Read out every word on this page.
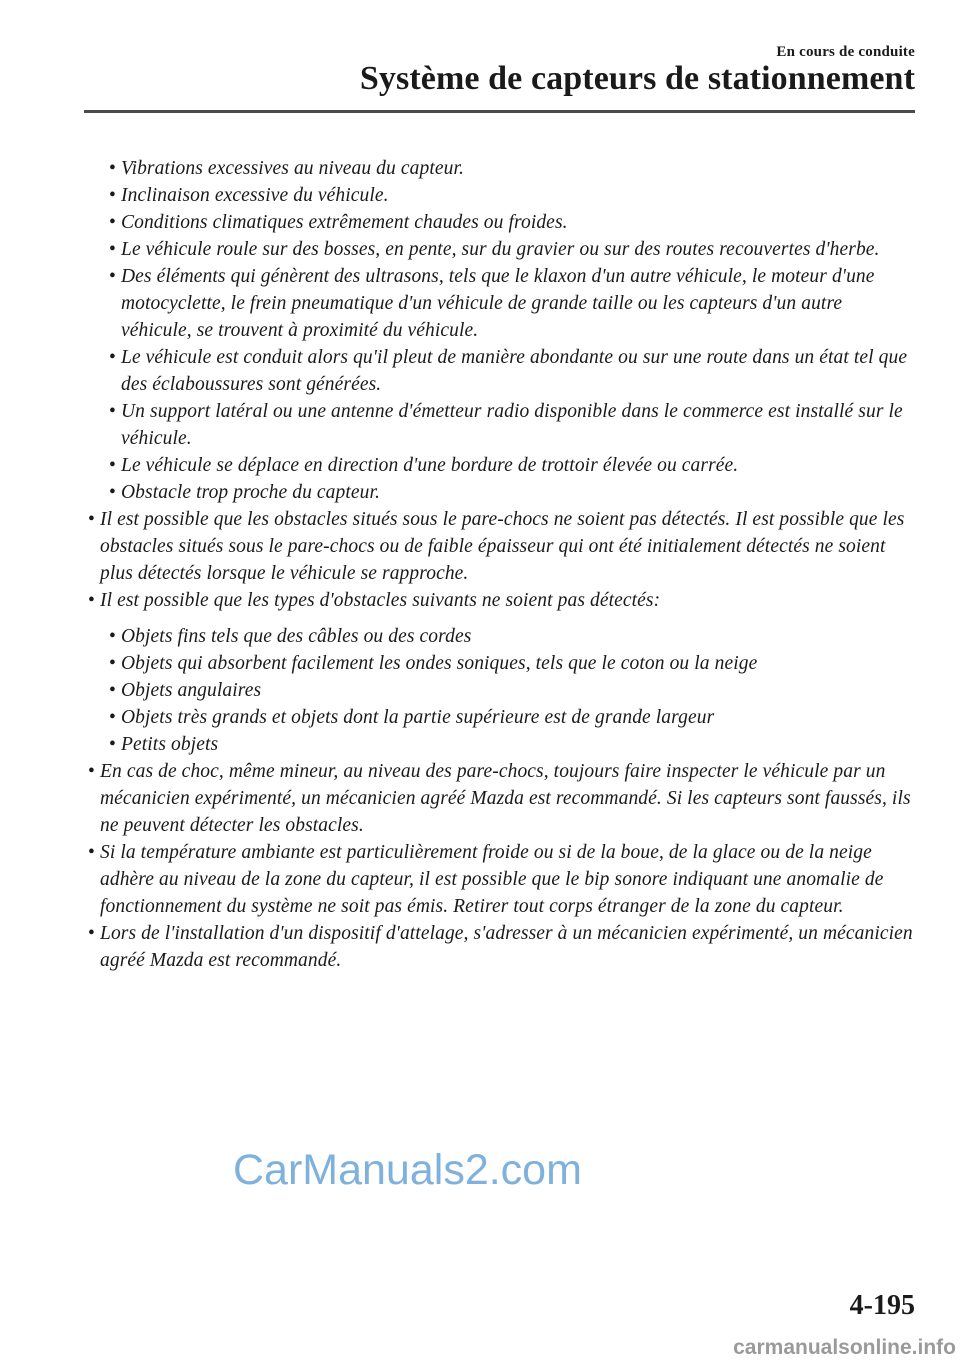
En cours de conduite
Système de capteurs de stationnement
• Vibrations excessives au niveau du capteur.
• Inclinaison excessive du véhicule.
• Conditions climatiques extrêmement chaudes ou froides.
• Le véhicule roule sur des bosses, en pente, sur du gravier ou sur des routes recouvertes d'herbe.
• Des éléments qui génèrent des ultrasons, tels que le klaxon d'un autre véhicule, le moteur d'une motocyclette, le frein pneumatique d'un véhicule de grande taille ou les capteurs d'un autre véhicule, se trouvent à proximité du véhicule.
• Le véhicule est conduit alors qu'il pleut de manière abondante ou sur une route dans un état tel que des éclaboussures sont générées.
• Un support latéral ou une antenne d'émetteur radio disponible dans le commerce est installé sur le véhicule.
• Le véhicule se déplace en direction d'une bordure de trottoir élevée ou carrée.
• Obstacle trop proche du capteur.
• Il est possible que les obstacles situés sous le pare-chocs ne soient pas détectés. Il est possible que les obstacles situés sous le pare-chocs ou de faible épaisseur qui ont été initialement détectés ne soient plus détectés lorsque le véhicule se rapproche.
• Il est possible que les types d'obstacles suivants ne soient pas détectés:
• Objets fins tels que des câbles ou des cordes
• Objets qui absorbent facilement les ondes soniques, tels que le coton ou la neige
• Objets angulaires
• Objets très grands et objets dont la partie supérieure est de grande largeur
• Petits objets
• En cas de choc, même mineur, au niveau des pare-chocs, toujours faire inspecter le véhicule par un mécanicien expérimenté, un mécanicien agréé Mazda est recommandé. Si les capteurs sont faussés, ils ne peuvent détecter les obstacles.
• Si la température ambiante est particulièrement froide ou si de la boue, de la glace ou de la neige adhère au niveau de la zone du capteur, il est possible que le bip sonore indiquant une anomalie de fonctionnement du système ne soit pas émis. Retirer tout corps étranger de la zone du capteur.
• Lors de l'installation d'un dispositif d'attelage, s'adresser à un mécanicien expérimenté, un mécanicien agréé Mazda est recommandé.
CarManuals2.com
4-195
carmanualsonline.info
